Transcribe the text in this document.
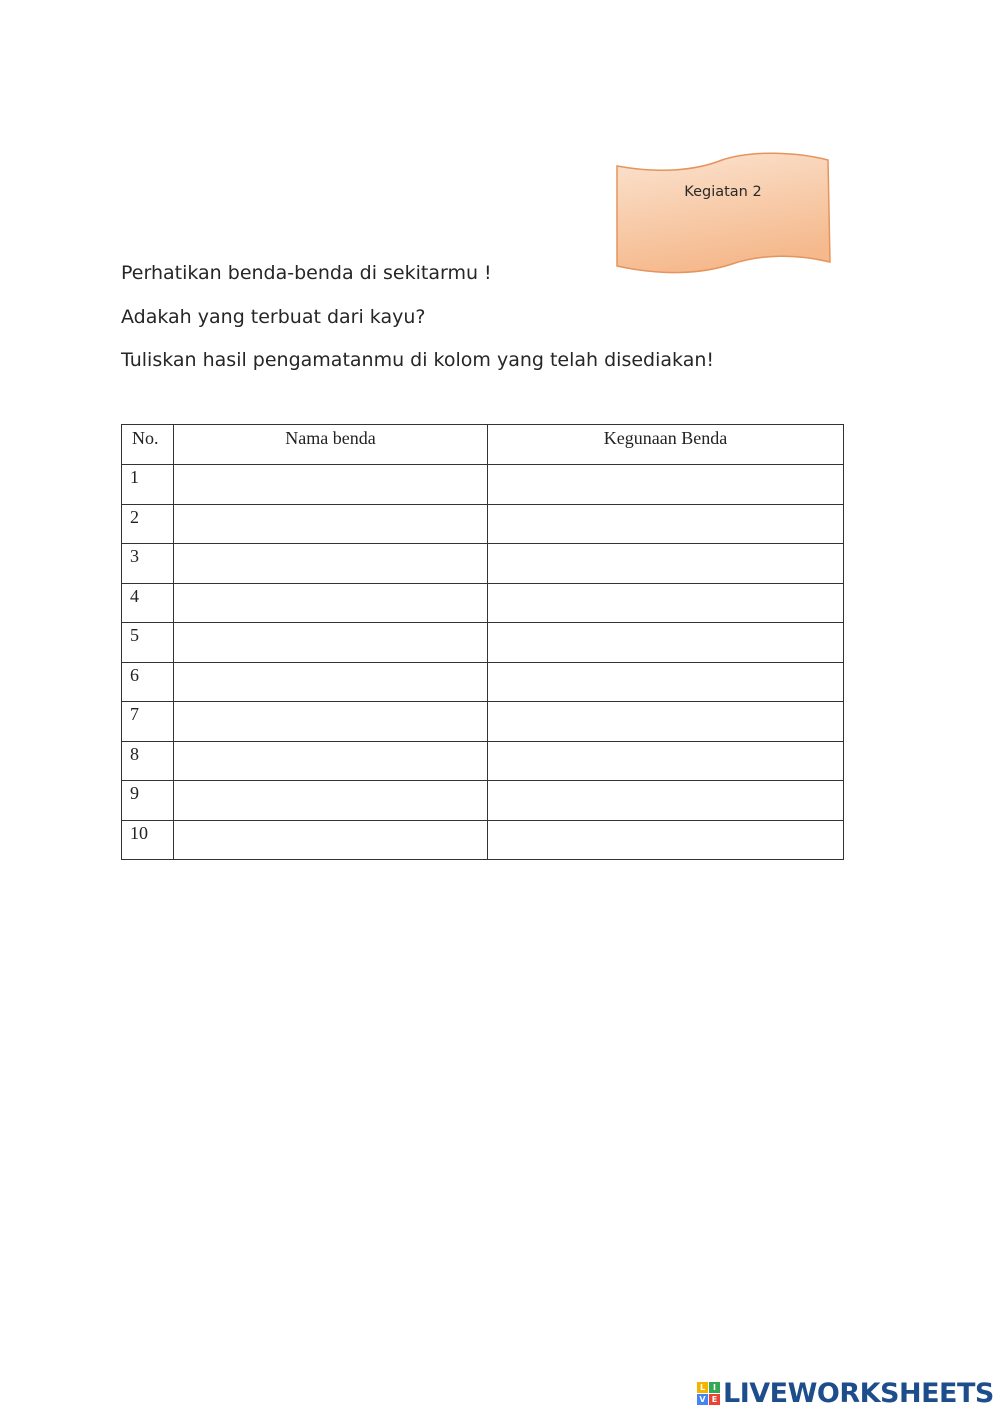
Kegiatan 2
Perhatikan benda-benda di sekitarmu !
Adakah yang terbuat dari kayu?
Tuliskan hasil pengamatanmu di kolom yang telah disediakan!
No.	Nama benda	Kegunaan Benda
1		
2		
3		
4		
5		
6		
7		
8		
9		
10		
L I
V E LIVEWORKSHEETS
